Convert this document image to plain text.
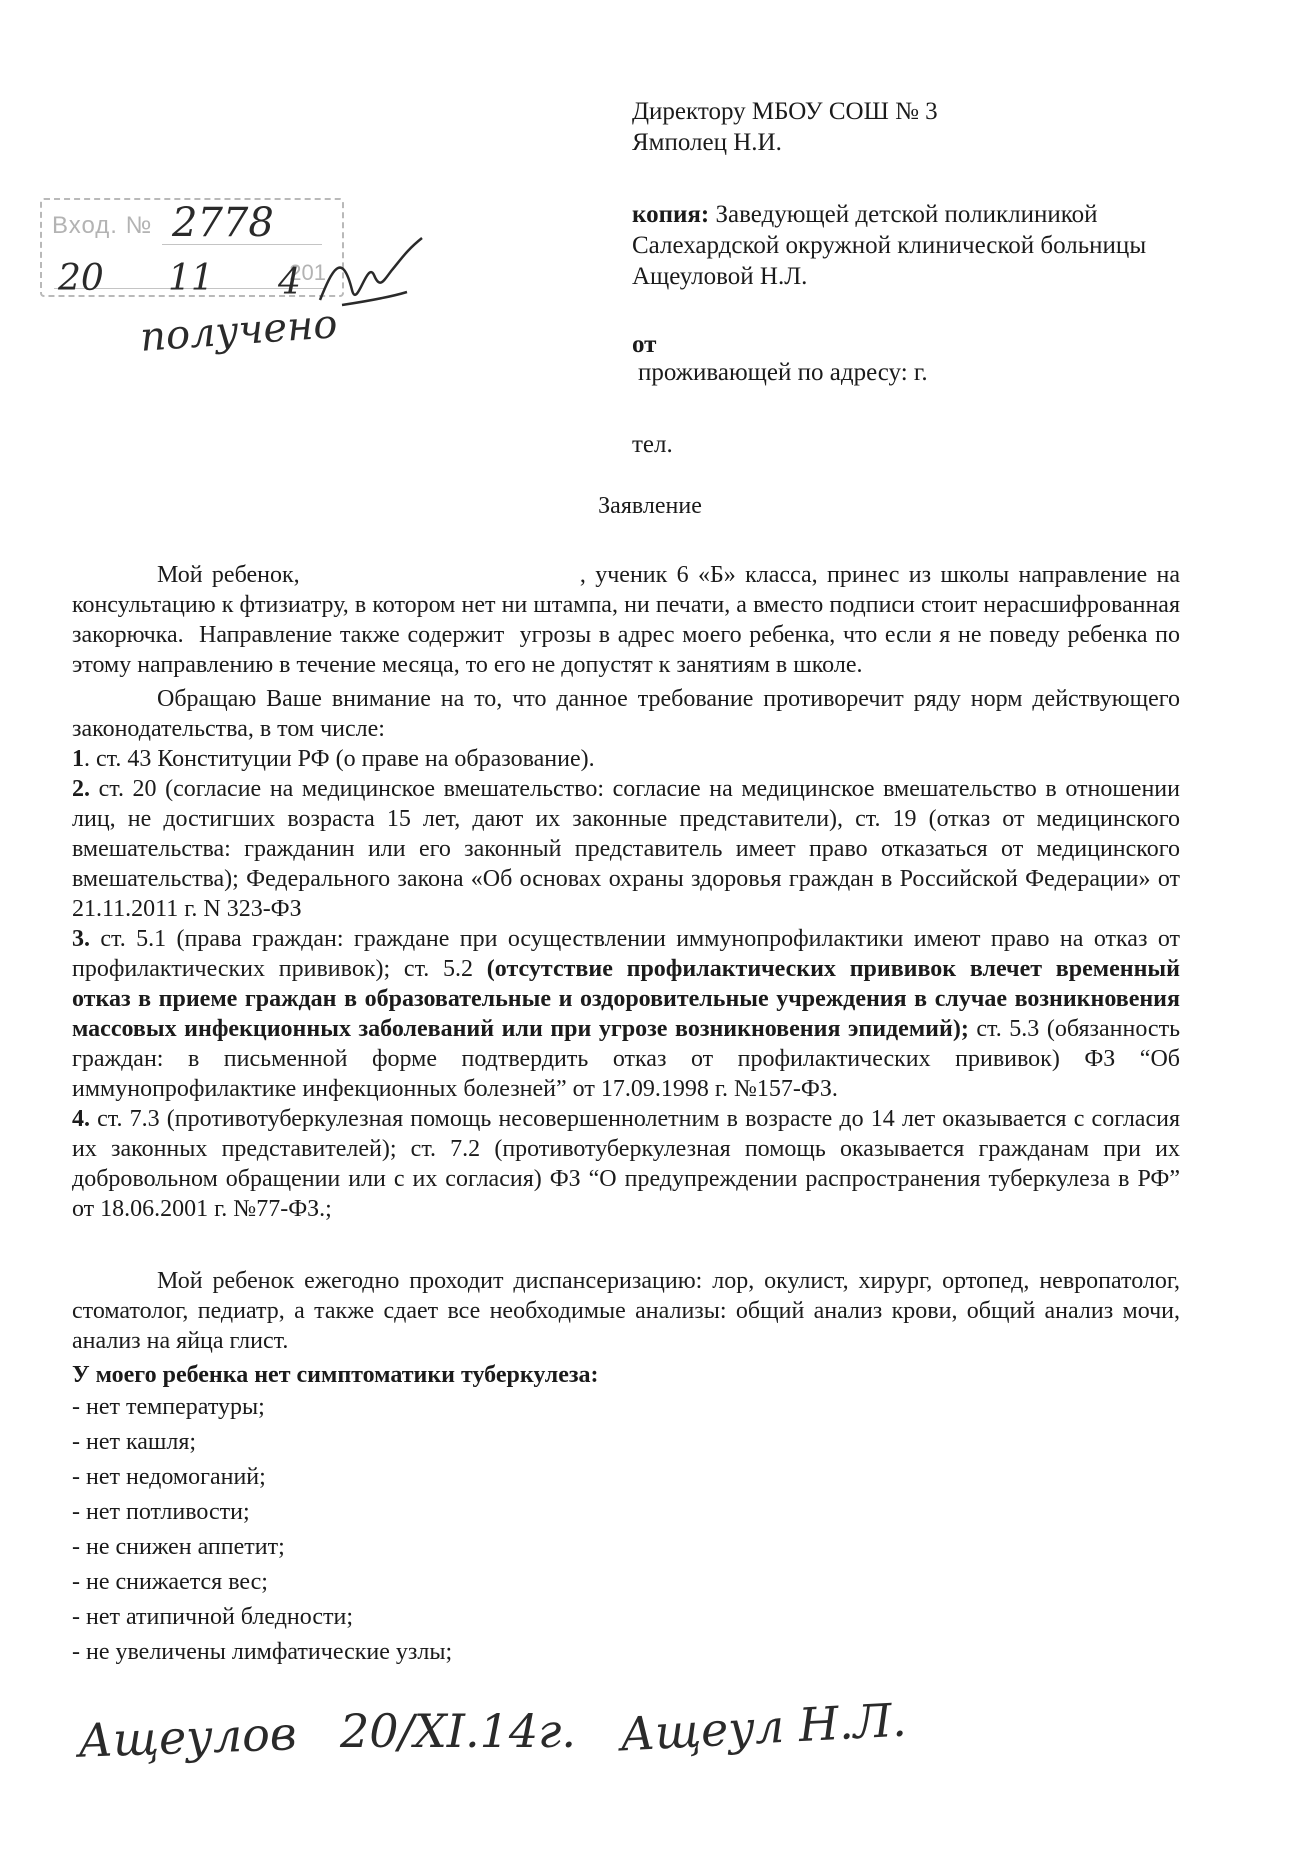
Вход. №
201
2778
20 11 4
получено
Директору МБОУ СОШ № 3
Ямполец Н.И.
копия: Заведующей детской поликлиникой
Салехардской окружной клинической больницы
Ащеуловой Н.Л.
от
проживающей по адресу: г.
тел.
Заявление

Мой ребенок,                              , ученик 6 «Б» класса, принес из школы направление на консультацию к фтизиатру, в котором нет ни штампа, ни печати, а вместо подписи стоит нерасшифрованная закорючка.  Направление также содержит  угрозы в адрес моего ребенка, что если я не поведу ребенка по этому направлению в течение месяца, то его не допустят к занятиям в школе.

Обращаю Ваше внимание на то, что данное требование противоречит ряду норм действующего законодательства, в том числе:

1. ст. 43 Конституции РФ (о праве на образование).

2. ст. 20 (согласие на медицинское вмешательство: согласие на медицинское вмешательство в отношении лиц, не достигших возраста 15 лет, дают их законные представители), ст. 19 (отказ от медицинского вмешательства: гражданин или его законный представитель имеет право отказаться от медицинского вмешательства); Федерального закона «Об основах охраны здоровья граждан в Российской Федерации» от 21.11.2011 г. N 323-ФЗ

3. ст. 5.1 (права граждан: граждане при осуществлении иммунопрофилактики имеют право на отказ от профилактических прививок); ст. 5.2 (отсутствие профилактических прививок влечет временный отказ в приеме граждан в образовательные и оздоровительные учреждения в случае возникновения массовых инфекционных заболеваний или при угрозе возникновения эпидемий); ст. 5.3 (обязанность граждан: в письменной форме подтвердить отказ от профилактических прививок) ФЗ “Об иммунопрофилактике инфекционных болезней” от 17.09.1998 г. №157-ФЗ.

4. ст. 7.3 (противотуберкулезная помощь несовершеннолетним в возрасте до 14 лет оказывается с согласия их законных представителей); ст. 7.2 (противотуберкулезная помощь оказывается гражданам при их добровольном обращении или с их согласия) ФЗ “О предупреждении распространения туберкулеза в РФ” от 18.06.2001 г. №77-ФЗ.;

Мой ребенок ежегодно проходит диспансеризацию: лор, окулист, хирург, ортопед, невропатолог, стоматолог, педиатр, а также сдает все необходимые анализы: общий анализ крови, общий анализ мочи, анализ на яйца глист.

У моего ребенка нет симптоматики туберкулеза:

- нет температуры;

- нет кашля;

- нет недомоганий;

- нет потливости;

- не снижен аппетит;

- не снижается вес;

- нет атипичной бледности;

- не увеличены лимфатические узлы;

Ащеулов 20/XI.14г. Ащеул Н.Л.
